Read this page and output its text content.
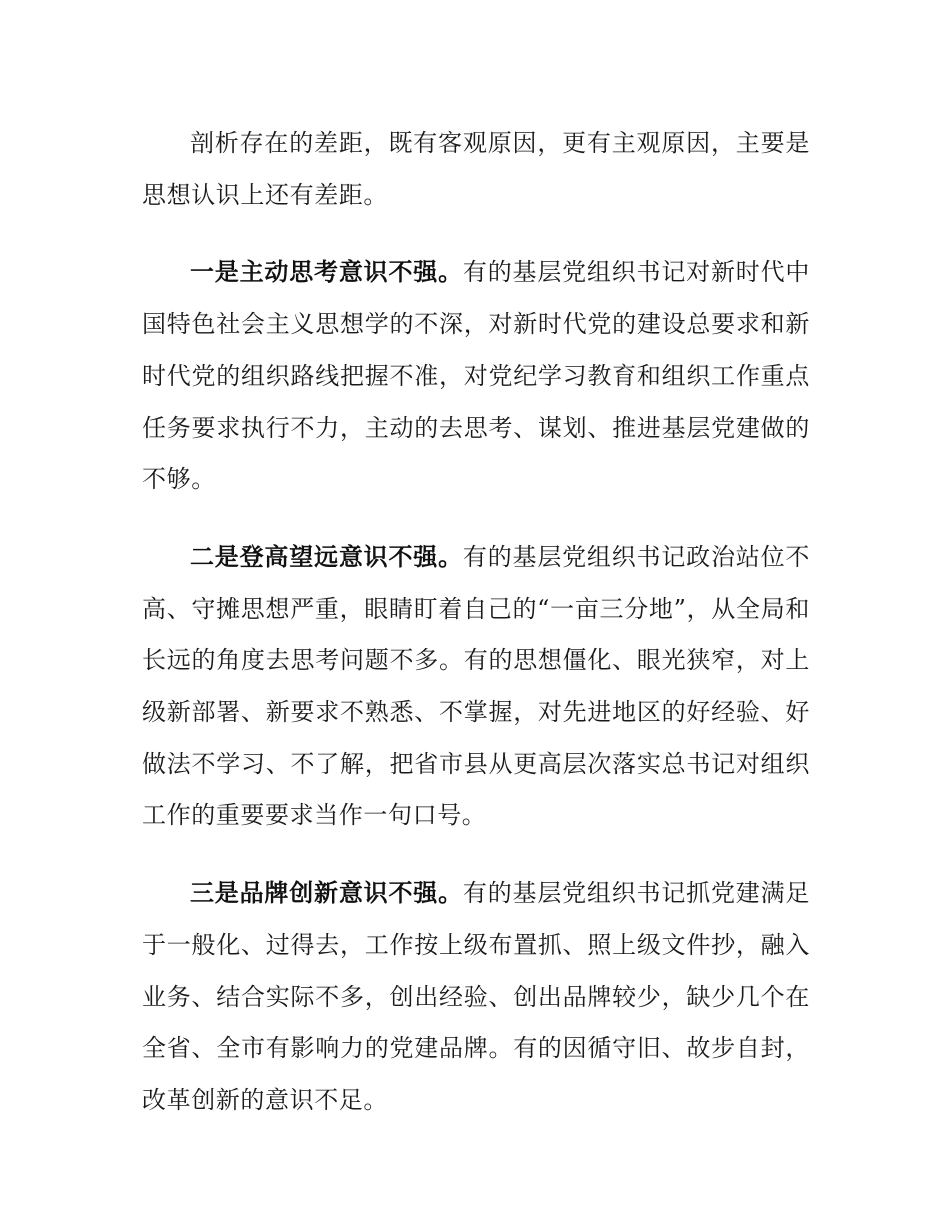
剖析存在的差距，既有客观原因，更有主观原因，主要是思想认识上还有差距。

一是主动思考意识不强。有的基层党组织书记对新时代中国特色社会主义思想学的不深，对新时代党的建设总要求和新时代党的组织路线把握不准，对党纪学习教育和组织工作重点任务要求执行不力，主动的去思考、谋划、推进基层党建做的不够。

二是登高望远意识不强。有的基层党组织书记政治站位不高、守摊思想严重，眼睛盯着自己的“一亩三分地”，从全局和长远的角度去思考问题不多。有的思想僵化、眼光狭窄，对上级新部署、新要求不熟悉、不掌握，对先进地区的好经验、好做法不学习、不了解，把省市县从更高层次落实总书记对组织工作的重要要求当作一句口号。

三是品牌创新意识不强。有的基层党组织书记抓党建满足于一般化、过得去，工作按上级布置抓、照上级文件抄，融入业务、结合实际不多，创出经验、创出品牌较少，缺少几个在全省、全市有影响力的党建品牌。有的因循守旧、故步自封，改革创新的意识不足。
